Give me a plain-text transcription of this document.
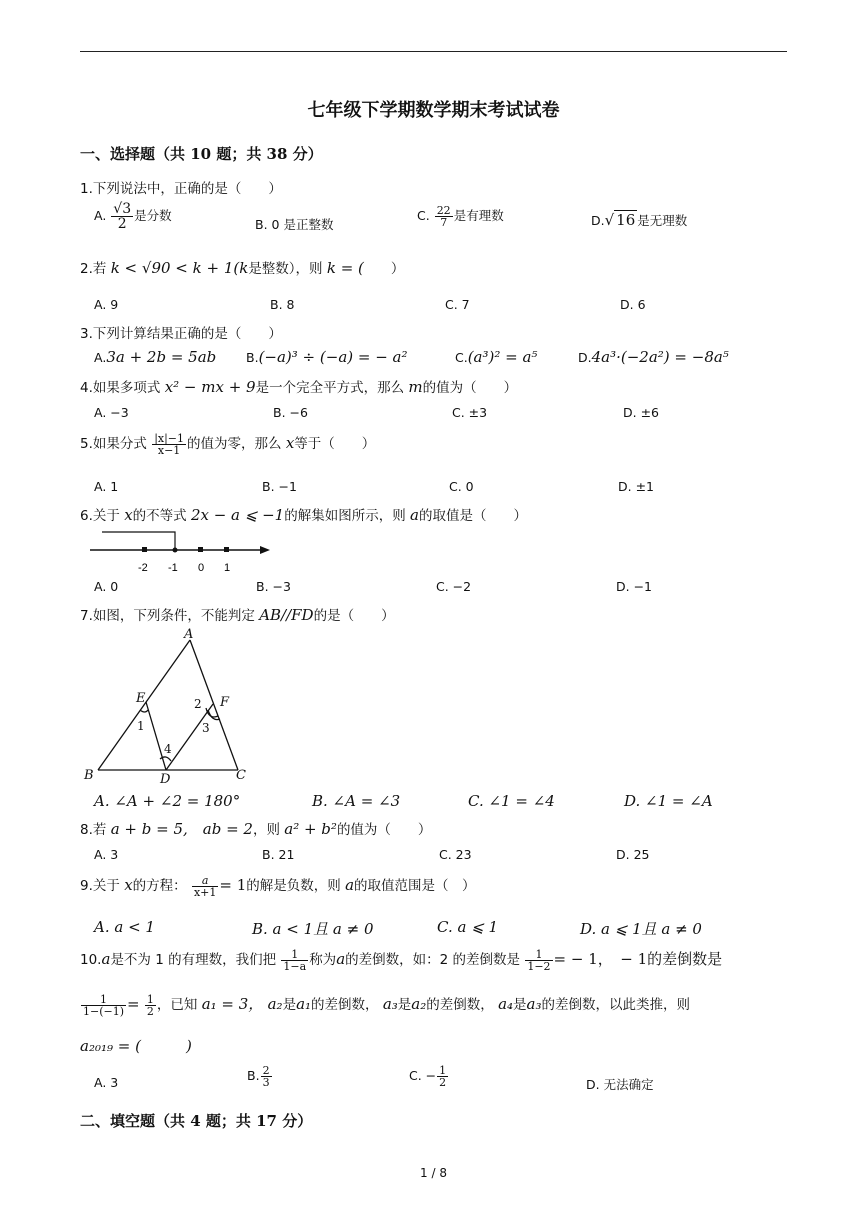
七年级下学期数学期末考试试卷
一、选择题（共 10 题；共 38 分）
1.下列说法中，正确的是（　　）
A. $\frac{√3}{2}$ 是分数
B. 0 是正整数
C. $\frac{22}{7}$ 是有理数	D.√ 16 是无理数
2.若 k < √90 < k + 1(k是整数），则 k = (　　）
A. 9	B. 8	C. 7	D. 6
3.下列计算结果正确的是（　　）
A.3a + 2b = 5ab B.(−a)³ ÷ (−a) = − a²	C.(a³)² = a⁵	D.4a³·(−2a²) = −8a⁵
4.如果多项式 x² − mx + 9是一个完全平方式，那么 m的值为（　　）
A. −3	B. −6	C. ±3	D. ±6
5.如果分式 $\frac{|x|-1}{x-1}$ 的值为零，那么 x等于（　　）
A. 1	B. −1	C. 0	D. ±1
6.关于 x的不等式 2x − a ⩽ −1的解集如图所示，则 a的取值是（　　）
-2 -1 0 1
A. 0	B. −3	C. −2	D. −1
7.如图，下列条件，不能判定 AB//FD的是（　　）
A
B	C
D
E	F
1
2
3
4
A. ∠A + ∠2 = 180°	B. ∠A = ∠3	C. ∠1 = ∠4	D. ∠1 = ∠A
8.若 a + b = 5,　ab = 2，则 a² + b²的值为（　　）
A. 3	B. 21	C. 23	D. 25
9.关于 x的方程： $\frac{a}{x+1} = 1$的解是负数，则 a的取值范围是（　）
A. a < 1	B. a < 1且 a ≠ 0	C. a ⩽ 1	D. a ⩽ 1且 a ≠ 0
10.a是不为 1 的有理数，我们把 $\frac{1}{1-a}$ 称为a的差倒数，如：2 的差倒数是 $\frac{1}{1-2}$ = − 1，　− 1的差倒数是
$\frac{1}{1-(-1)} = \frac{1}{2}$ ，已知 a₁ = 3， a₂是a₁的差倒数， a₃是a₂的差倒数， a₄是a₃的差倒数，以此类推，则
a₂₀₁₉ = (　　　)
A. 3	B. $\frac{2}{3}$	C. − $\frac{1}{2}$	D. 无法确定
二、填空题（共 4 题；共 17 分）
1 / 8
